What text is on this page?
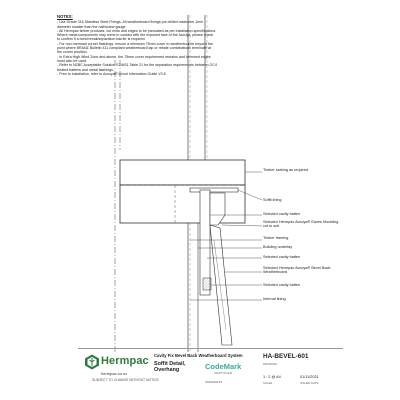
NOTES:
- Use Grade 316 Stainless Steel Fixings. All weatherboard fixings pre-drilled maximum 1mm
diameter smaller than the nail/screw gauge.
- All Hermpac timber products, cut ends and edges to be precoated as per installation specifications.
Where metal components may come in contact with the exposed face of the Accoya, please check
to confirm if a bond break/separation barrier is required.
- For non-mermaid corner flashings, ensure a minimum 75mm cover to weatherboards beyond the
point where BRANZ Bulletin 411 compliant weatherboard lap or rebate combinations terminate at
the corner position.
- In Extra High Wind Zone and above, the 75mm cover requirement remains and hemmed edges
must also be used.
- Refer to NZBC Acceptable Solution E2/AS1 Table 21 for the separation requirements between OC4
treated battens and metal flashings.
- Prior to installation, refer to Accoya® Wood Information Guide V3.8
Timber sarking as required
Soffit lining
Selected cavity batten
Selected Hermpac Accoya® Eaves Moulding cut to suit
Timber framing
Building underlay
Selected cavity batten
Selected Hermpac Accoya® Bevel Back Weatherboard
Selected cavity batten
Internal lining
Hermpac
hermpac.co.nz
SUBJECT TO CHANGE WITHOUT NOTICE
Cavity Fix Bevel Back Weatherboard System
Soffit Detail,
Overhang	CodeMark
CERTIFIED
CMNZ20146
HA-BEVEL-601
DRAWING
1 : 2 @ A4
SCALE
01/11/2021
ISSUED DATE
